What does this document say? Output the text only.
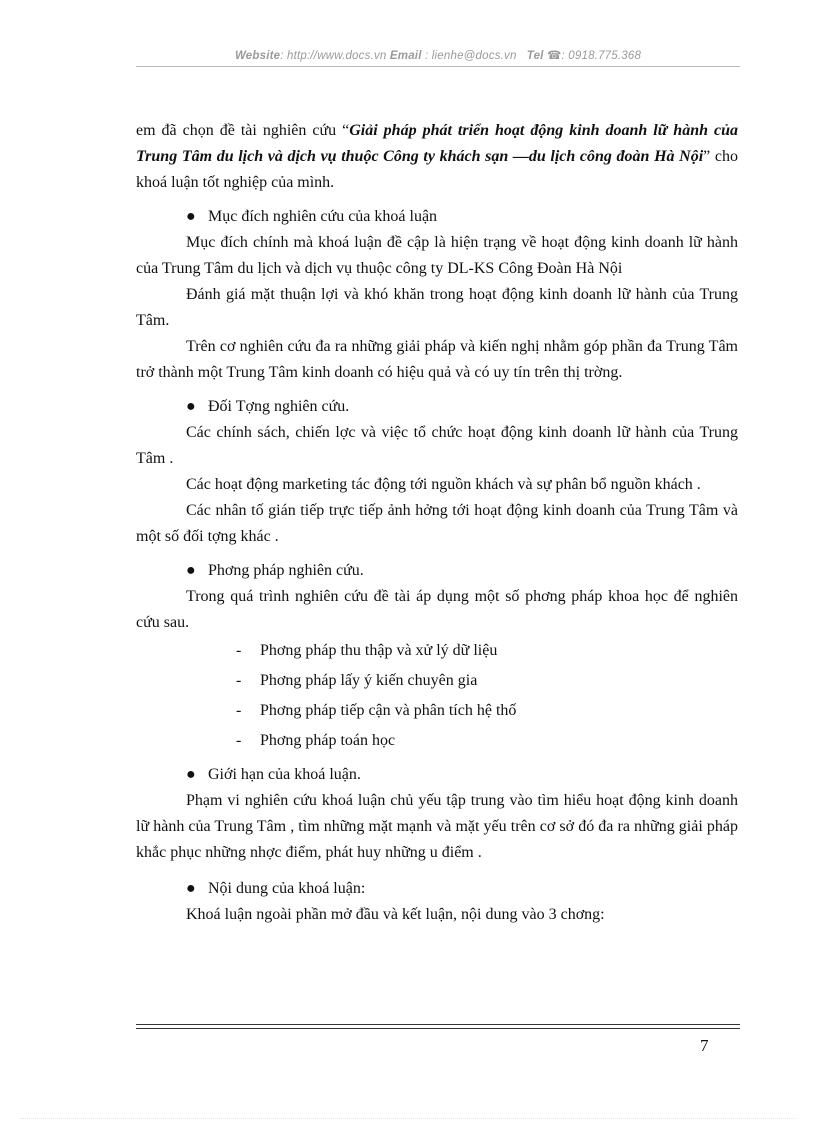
Website: http://www.docs.vn Email : lienhe@docs.vn Tel ☎: 0918.775.368

em đã chọn đề tài nghiên cứu “Giải pháp phát triển hoạt động kinh doanh lữ hành của Trung Tâm du lịch và dịch vụ thuộc Công ty khách sạn —du lịch công đoàn Hà Nội” cho khoá luận tốt nghiệp của mình.

● Mục đích nghiên cứu của khoá luận

Mục đích chính mà khoá luận đề cập là hiện trạng về hoạt động kinh doanh lữ hành của Trung Tâm du lịch và dịch vụ thuộc công ty DL-KS Công Đoàn Hà Nội

Đánh giá mặt thuận lợi và khó khăn trong hoạt động kinh doanh lữ hành của Trung Tâm.

Trên cơ nghiên cứu đa ra những giải pháp và kiến nghị nhằm góp phần đa Trung Tâm trở thành một Trung Tâm kinh doanh có hiệu quả và có uy tín trên thị trờng.

● Đối Tợng nghiên cứu.

Các chính sách, chiến lợc và việc tổ chức hoạt động kinh doanh lữ hành của Trung Tâm .

Các hoạt động marketing tác động tới nguồn khách và sự phân bổ nguồn khách .

Các nhân tố gián tiếp trực tiếp ảnh hởng tới hoạt động kinh doanh của Trung Tâm và một số đối tợng khác .

● Phơng pháp nghiên cứu.

Trong quá trình nghiên cứu đề tài áp dụng một số phơng pháp khoa học để nghiên cứu sau.

- Phơng pháp thu thập và xử lý dữ liệu
- Phơng pháp lấy ý kiến chuyên gia
- Phơng pháp tiếp cận và phân tích hệ thố
- Phơng pháp toán học
● Giới hạn của khoá luận.

Phạm vi nghiên cứu khoá luận chủ yếu tập trung vào tìm hiểu hoạt động kinh doanh lữ hành của Trung Tâm , tìm những mặt mạnh và mặt yếu trên cơ sở đó đa ra những giải pháp khắc phục những nhợc điểm, phát huy những u điểm .

● Nội dung của khoá luận:

Khoá luận ngoài phần mở đầu và kết luận, nội dung vào 3 chơng:

7
